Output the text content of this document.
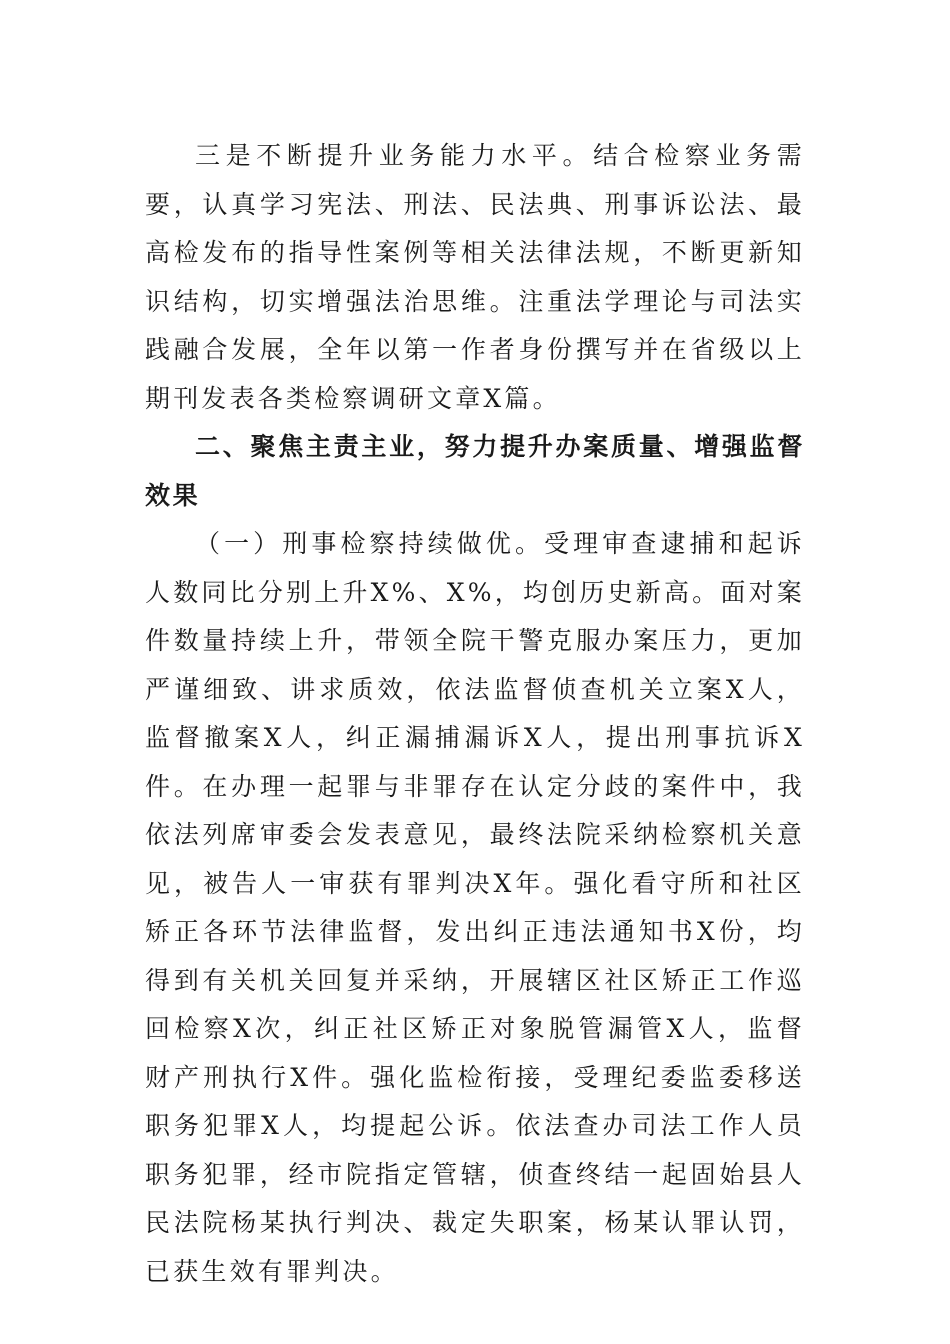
三是不断提升业务能力水平。结合检察业务需要，认真学习宪法、刑法、民法典、刑事诉讼法、最高检发布的指导性案例等相关法律法规，不断更新知识结构，切实增强法治思维。注重法学理论与司法实践融合发展，全年以第一作者身份撰写并在省级以上期刊发表各类检察调研文章X篇。

二、聚焦主责主业，努力提升办案质量、增强监督效果

（一）刑事检察持续做优。受理审查逮捕和起诉人数同比分别上升X%、X%，均创历史新高。面对案件数量持续上升，带领全院干警克服办案压力，更加严谨细致、讲求质效，依法监督侦查机关立案X人，监督撤案X人，纠正漏捕漏诉X人，提出刑事抗诉X件。在办理一起罪与非罪存在认定分歧的案件中，我依法列席审委会发表意见，最终法院采纳检察机关意见，被告人一审获有罪判决X年。强化看守所和社区矫正各环节法律监督，发出纠正违法通知书X份，均得到有关机关回复并采纳，开展辖区社区矫正工作巡回检察X次，纠正社区矫正对象脱管漏管X人，监督财产刑执行X件。强化监检衔接，受理纪委监委移送职务犯罪X人，均提起公诉。依法查办司法工作人员职务犯罪，经市院指定管辖，侦查终结一起固始县人民法院杨某执行判决、裁定失职案，杨某认罪认罚，已获生效有罪判决。
